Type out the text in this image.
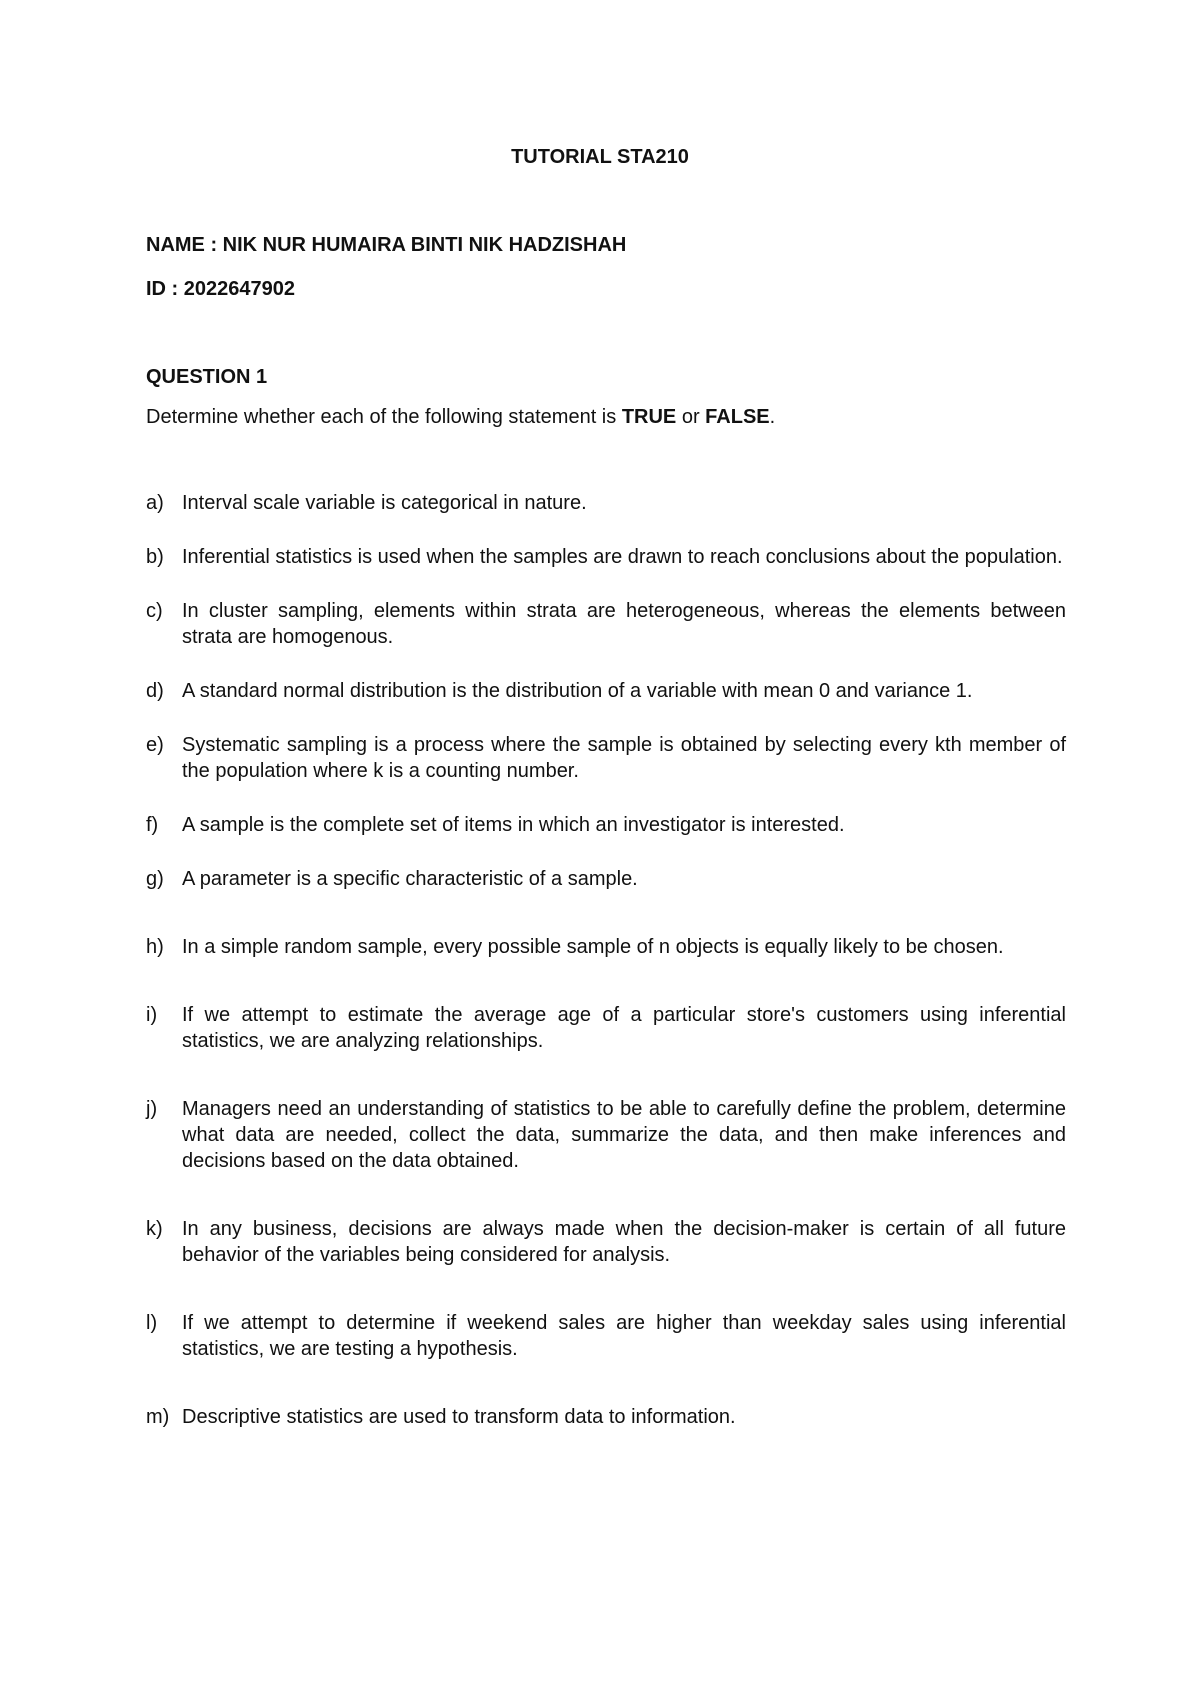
TUTORIAL STA210
NAME : NIK NUR HUMAIRA BINTI NIK HADZISHAH
ID : 2022647902
QUESTION 1
Determine whether each of the following statement is TRUE or FALSE.
a) Interval scale variable is categorical in nature.
b) Inferential statistics is used when the samples are drawn to reach conclusions about the population.
c) In cluster sampling, elements within strata are heterogeneous, whereas the elements between strata are homogenous.
d) A standard normal distribution is the distribution of a variable with mean 0 and variance 1.
e) Systematic sampling is a process where the sample is obtained by selecting every kth member of the population where k is a counting number.
f)	A sample is the complete set of items in which an investigator is interested.
g) A parameter is a specific characteristic of a sample.
h) In a simple random sample, every possible sample of n objects is equally likely to be chosen.
i)	If we attempt to estimate the average age of a particular store's customers using inferential statistics, we are analyzing relationships.
j)	Managers need an understanding of statistics to be able to carefully define the problem, determine what data are needed, collect the data, summarize the data, and then make inferences and decisions based on the data obtained.
k) In any business, decisions are always made when the decision-maker is certain of all future behavior of the variables being considered for analysis.
l)	If we attempt to determine if weekend sales are higher than weekday sales using inferential statistics, we are testing a hypothesis.
m) Descriptive statistics are used to transform data to information.
